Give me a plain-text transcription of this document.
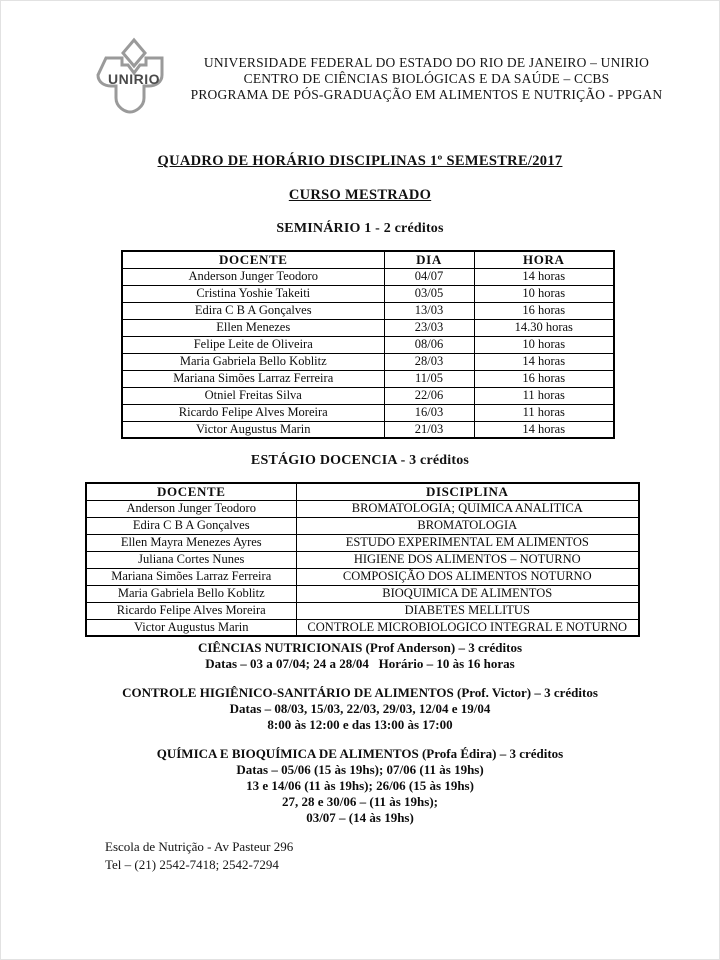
UNIRIO
UNIVERSIDADE FEDERAL DO ESTADO DO RIO DE JANEIRO – UNIRIO
CENTRO DE CIÊNCIAS BIOLÓGICAS E DA SAÚDE – CCBS
PROGRAMA DE PÓS-GRADUAÇÃO EM ALIMENTOS E NUTRIÇÃO - PPGAN
QUADRO DE HORÁRIO DISCIPLINAS 1º SEMESTRE/2017
CURSO MESTRADO
SEMINÁRIO 1 - 2 créditos
DOCENTE	DIA	HORA
Anderson Junger Teodoro	04/07	14 horas
Cristina Yoshie Takeiti	03/05	10 horas
Edira C B A Gonçalves	13/03	16 horas
Ellen Menezes	23/03	14.30 horas
Felipe Leite de Oliveira	08/06	10 horas
Maria Gabriela Bello Koblitz	28/03	14 horas
Mariana Simões Larraz Ferreira	11/05	16 horas
Otniel Freitas Silva	22/06	11 horas
Ricardo Felipe Alves Moreira	16/03	11 horas
Victor Augustus Marin	21/03	14 horas
ESTÁGIO DOCENCIA - 3 créditos
DOCENTE	DISCIPLINA
Anderson Junger Teodoro	BROMATOLOGIA; QUIMICA ANALITICA
Edira C B A Gonçalves	BROMATOLOGIA
Ellen Mayra Menezes Ayres	ESTUDO EXPERIMENTAL EM ALIMENTOS
Juliana Cortes Nunes	HIGIENE DOS ALIMENTOS – NOTURNO
Mariana Simões Larraz Ferreira	COMPOSIÇÃO DOS ALIMENTOS NOTURNO
Maria Gabriela Bello Koblitz	BIOQUIMICA DE ALIMENTOS
Ricardo Felipe Alves Moreira	DIABETES MELLITUS
Victor Augustus Marin	CONTROLE MICROBIOLOGICO INTEGRAL E NOTURNO
CIÊNCIAS NUTRICIONAIS (Prof Anderson) – 3 créditos
Datas – 03 a 07/04; 24 a 28/04   Horário – 10 às 16 horas
CONTROLE HIGIÊNICO-SANITÁRIO DE ALIMENTOS (Prof. Victor) – 3 créditos
Datas – 08/03, 15/03, 22/03, 29/03, 12/04 e 19/04
8:00 às 12:00 e das 13:00 às 17:00
QUÍMICA E BIOQUÍMICA DE ALIMENTOS (Profa Édira) – 3 créditos
Datas – 05/06 (15 às 19hs); 07/06 (11 às 19hs)
13 e 14/06 (11 às 19hs); 26/06 (15 às 19hs)
27, 28 e 30/06 – (11 às 19hs);
03/07 – (14 às 19hs)
Escola de Nutrição - Av Pasteur 296
Tel – (21) 2542-7418; 2542-7294
